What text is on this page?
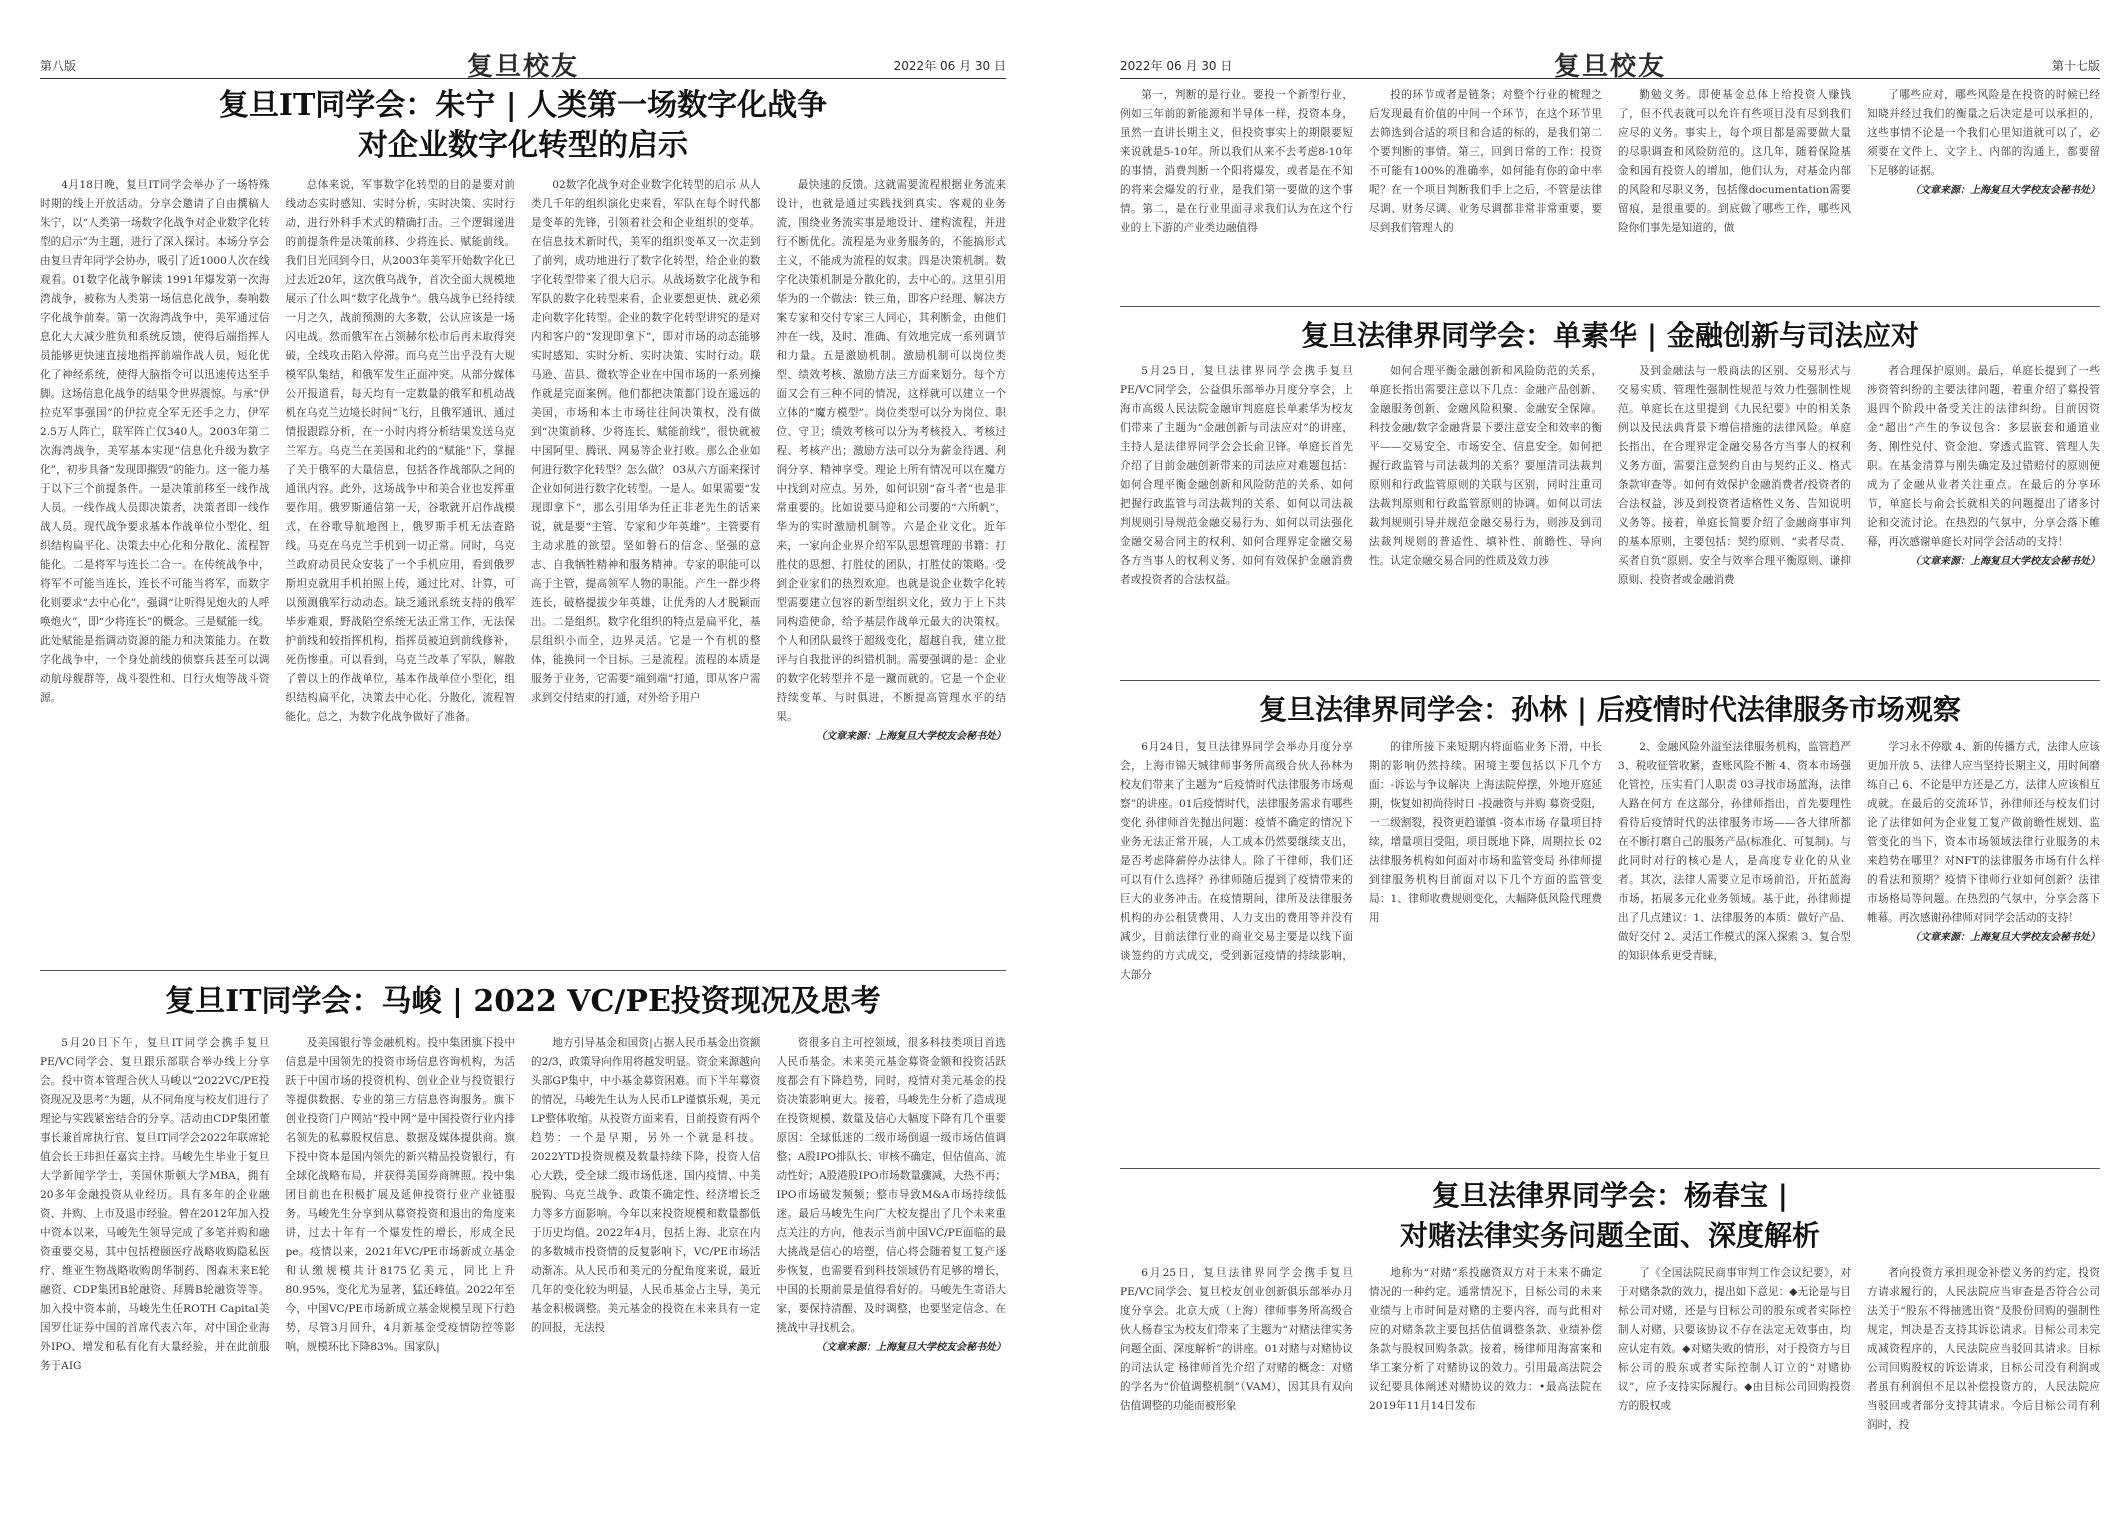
第八版	复旦校友	2022年 06 月 30 日
复旦IT同学会：朱宁 | 人类第一场数字化战争
对企业数字化转型的启示

4月18日晚，复旦IT同学会举办了一场特殊时期的线上开放活动。分享会邀请了自由撰稿人朱宁，以“人类第一场数字化战争对企业数字化转型的启示”为主题，进行了深入探讨。本场分享会由复旦青年同学会协办，吸引了近1000人次在线观看。01数字化战争解读 1991年爆发第一次海湾战争，被称为人类第一场信息化战争，奏响数字化战争前奏。第一次海湾战争中，美军通过信息化大大减少胜负和系统反馈，使得后端指挥人员能够更快速直接地指挥前端作战人员，短化优化了神经系统，使得大脑指令可以迅速传达至手脚。这场信息化战争的结果令世界震惊。与承“伊拉克军事强国”的伊拉克全军无还手之力，伊军2.5万人阵亡，联军阵亡仅340人。2003年第二次海湾战争，美军基本实现“信息化升级为数字化”，初步具备“发现即摧毁”的能力。这一能力基于以下三个前提条件。一是决策前移至一线作战人员。一线作战人员即决策者，决策者即一线作战人员。现代战争要求基本作战单位小型化、组织结构扁平化、决策去中心化和分散化、流程智能化。二是将军与连长二合一。在传统战争中，将军不可能当连长，连长不可能当将军，而数字化则要求“去中心化”，强调“让听得见炮火的人呼唤炮火”，即“少将连长”的概念。三是赋能一线。此处赋能是指调动资源的能力和决策能力。在数字化战争中，一个身处前线的侦察兵甚至可以调动航母舰群等，战斗裂性和、日行火炮等战斗资源。

总体来说，军事数字化转型的目的是要对前线动态实时感知、实时分析，实时决策、实时行动，进行外科手术式的精确打击。三个逻辑递进的前提条件是决策前移、少将连长、赋能前线。我们目光回到今日，从2003年美军开始数字化已过去近20年，这次俄乌战争，首次全面大规模地展示了什么叫“数字化战争”。俄乌战争已经持续一月之久，战前预测的大多数，公认应该是一场闪电战。然而俄军在占领赫尔松市后再未取得突破，全线攻击陷入停滞。而乌克兰出乎没有大规模军队集结，和俄军发生正面冲突。从部分媒体公开报道看，每天均有一定数量的俄军和机动战机在乌克兰边境长时间“飞行，且俄军通讯、通过情报跟踪分析，在一小时内将分析结果发送乌克兰军方。乌克兰在美国和北约的“赋能”下，掌握了关于俄军的大量信息，包括各作战部队之间的通讯内容。此外，这场战争中和美合业也发挥重要作用。俄罗斯通信第一天，谷歌就开启作战模式，在谷歌导航地图上，俄罗斯手机无法查路线。马克在乌克兰手机到一切正常。同时，乌克兰政府动员民众安装了一个手机应用，看到俄罗斯坦克就用手机拍照上传，通过比对、计算，可以预测俄军行动动态。缺乏通讯系统支持的俄军毕步难艰，野战陷空系统无法正常工作，无法保护前线和较指挥机构，指挥员被迫到前线修补，死伤惨重。可以看到，乌克兰改革了军队，解散了曾以上的作战单位，基本作战单位小型化，组织结构扁平化，决策去中心化、分散化，流程智能化。总之，为数字化战争做好了准备。

02数字化战争对企业数字化转型的启示 从人类几千年的组织演化史来看，军队在每个时代都是变革的先锋，引领着社会和企业组织的变革。在信息技术新时代，美军的组织变革又一次走到了前列，成功地进行了数字化转型，给企业的数字化转型带来了很大启示。从战场数字化战争和军队的数字化转型来看，企业要想更快、就必须走向数字化转型。企业的数字化转型讲究的是对内和客户的“发现即拿下”，即对市场的动态能够实时感知、实时分析、实时决策、实时行动。联马逊、苗县、微软等企业在中国市场的一系列操作就是完面案例。他们都把决策都门设在遥远的美国，市场和本土市场往往间决策权，没有做到“决策前移、少将连长、赋能前线”，很快就被中国阿里、腾讯、网易等企业打败。那么企业如何进行数字化转型？怎么做？ 03从六方面来探讨企业如何进行数字化转型。一是人。如果需要“发现即拿下”，那么引用华为任正非老先生的话来说，就是要“主管、专家和少年英雄”。主管要有主动求胜的欲望。坚如磐石的信念、坚强的意志、自我牺牲精神和服务精神。专家的职能可以高于主管，提高领军人物的职能。产生一群少将连长，破格提拔少年英雄，让优秀的人才脱颖而出。二是组织。数字化组织的特点是扁平化，基层组织小而全，边界灵活。它是一个有机的整体，能换同一个目标。三是流程。流程的本质是服务于业务，它需要“端到端”打通，即从客户需求到交付结束的打通，对外给予用户

最快速的反馈。这就需要流程根据业务流来设计，也就是通过实践找到真实、客观的业务流，围绕业务流实事是地设计、建构流程，并进行不断优化。流程是为业务服务的，不能搞形式主义，不能成为流程的奴隶。四是决策机制。数字化决策机制是分散化的，去中心的。这里引用华为的一个做法：铁三角，即客户经理、解决方案专家和交付专家三人同心，其利断金，由他们冲在一线，及时、准确、有效地完成一系列调节和力量。五是激励机制。激励机制可以岗位类型、绩效考核、激励方法三方面来划分。每个方面又会有三种不同的情况，这样就可以建立一个立体的“魔方模型”。岗位类型可以分为岗位、职位、守卫；绩效考核可以分为考核投入、考核过程、考核产出；激励方法可以分为薪金待遇、利润分享、精神享受。理论上所有情况可以在魔方中找到对应点。另外，如何识别“奋斗者”也是非常重要的。比如说要马迎和公司要的“六所帆”，华为的实时激励机制等。六是企业文化。近年来，一家向企业界介绍军队思想管理的书籍：打胜仗的思想、打胜仗的团队，打胜仗的策略。受到企业家们的热烈欢迎。也就是说企业数字化转型需要建立包容的新型组织文化，致力于上下共同构造使命，给予基层作战单元最大的决策权。个人和团队最终于超级变化，超越自我，建立批评与自我批评的纠错机制。需要强调的是：企业的数字化转型并不是一蹴而就的。它是一个企业持续变革、与时俱进，不断提高管理水平的结果。

（文章来源：上海复旦大学校友会秘书处）

复旦IT同学会：马峻 | 2022 VC/PE投资现况及思考

5月20日下午，复旦IT同学会携手复旦PE/VC同学会、复旦跟乐部联合举办线上分享会。投中资本管理合伙人马峻以“2022VC/PE投资现况及思考”为题，从不同角度与校友们进行了理论与实践紧密结合的分享。活动由CDP集团董事长兼首席执行官、复旦IT同学会2022年联席轮值会长王玮担任嘉宾主持。马峻先生毕业于复旦大学新闻学学士，美国休斯顿大学MBA，拥有20多年金融投资从业经历。具有多年的企业融资、并购、上市及退市经验。曾在2012年加入投中资本以来，马峻先生领导完成了多笔并购和融资重要交易，其中包括橙颐医疗战略收购隐私医疗、维亚生物战略收购朗华制药、图森未来E轮融资、CDP集团B轮融资、拜腾B轮融资等等。加入投中资本前，马峻先生任ROTH Capital美国罗仕证券中国的首席代表六年，对中国企业海外IPO、增发和私有化有大量经验，并在此前服务于AIG

及美国银行等金融机构。投中集团旗下投中信息是中国领先的投资市场信息咨询机构，为活跃于中国市场的投资机构、创业企业与投资银行等提供数据、专业的第三方信息咨询服务。旗下创业投资门户网站“投中网”是中国投资行业内排名领先的私募股权信息、数据及媒体提供商。旗下投中资本是国内领先的新兴精品投资银行，有全球化战略布局，并获得美国券商牌照。投中集团目前也在积极扩展及延伸投资行业产业链服务。马峻先生分享到从募资投资和退出的角度来讲，过去十年有一个爆发性的增长，形成全民pe。疫情以来，2021年VC/PE市场新成立基金和认缴规模共计8175亿美元，同比上升80.95%，变化尤为显著，猛还峰值。2022年至今，中国VC/PE市场新成立基金规模呈现下行趋势，尽管3月回升，4月新基金受疫情防控等影响，规模环比下降83%。国家队|

地方引导基金和国资|占据人民币基金出资额的2/3，政策导向作用将越发明显。资金来源越向头部GP集中，中小基金募资困难。而下半年募资的情况，马峻先生认为人民币LP谨慎乐观，美元LP整体收缩。从投资方面来看，目前投资有两个趋势：一个是早期，另外一个就是科技。2022YTD投资规模及数量持续下降，投资人信心大跌，受全球二级市场低迷、国内疫情、中美脱钩、乌克兰战争、政策不确定性、经济增长乏力等多方面影响。今年以来投资规模和数量都低于历史均值。2022年4月，包括上海、北京在内的多数城市投资情的反复影响下，VC/PE市场活动渐冻。从人民币和美元的分配角度来说，最近几年的变化较为明显，人民币基金占主导，美元基金积极调整。美元基金的投资在未来具有一定的回报，无法投

资很多自主可控领域，很多科技类项目首选人民币基金。未来美元基金募资金额和投资活跃度都会有下降趋势，同时，疫情对美元基金的投资决策影响更大。接着，马峻先生分析了造成现在投资规模、数量及信心大幅度下降有几个重要原因：全球低迷的二级市场倒逼一级市场估值调整；A股IPO排队长、审核不确定，但估值高、流动性好；A股港股IPO市场数量骤减，大热不再；IPO市场破发频频；整市导致M&A市场持续低迷。最后马峻先生向广大校友提出了几个未来重点关注的方向，他表示当前中国VC/PE面临的最大挑战是信心的培塑，信心将会随着复工复产逐步恢复，也需要看到科技领域仍有足够的增长，中国的长期前景是值得看好的。马峻先生寄语大家，要保持清醒、及时调整，也要坚定信念、在挑战中寻找机会。

（文章来源：上海复旦大学校友会秘书处）

2022年 06 月 30 日	复旦校友	第十七版

第一，判断的是行业。要投一个新型行业，例如三年前的新能源和半导体一样，投资本身，虽然一直讲长期主义，但投资事实上的期限要短来说就是5-10年。所以我们从来不去考虑8-10年的事情，消费判断一个阳将爆发，或者是在不知的将来会爆发的行业，是我们第一要做的这个事情。第二，是在行业里面寻求我们认为在这个行业的上下游的产业类边融值得

投的环节或者是链条；对整个行业的梳理之后发现最有价值的中间一个环节，在这个环节里去筛选到合适的项目和合适的标的，是我们第二个要判断的事情。第三，回到日常的工作：投资不可能有100%的准确率，如何能有你的命中率呢？在一个项目判断我们手上之后，不管是法律尽调、财务尽调、业务尽调都非常非常重要，要尽到我们管理人的

勤勉义务。即使基金总体上给投资人赚钱了，但不代表就可以允许有些项目没有尽到我们应尽的义务。事实上，每个项目都是需要做大量的尽职调查和风险防范的。这几年，随着保险基金和国有投资人的增加，他们认为，对基金内部的风险和尽职义务，包括像documentation需要留痕，是很重要的。到底做了哪些工作，哪些风险你们事先是知道的，做

了哪些应对，哪些风险是在投资的时候已经知晓并经过我们的衡量之后决定是可以承担的，这些事情不论是一个我们心里知道就可以了，必须要在文件上、文字上、内部的沟通上，都要留下足够的证据。

（文章来源：上海复旦大学校友会秘书处）

复旦法律界同学会：单素华 | 金融创新与司法应对

5月25日，复旦法律界同学会携手复旦PE/VC同学会，公益俱乐部举办月度分享会，上海市高级人民法院金融审判庭庭长单素华为校友们带来了主题为“金融创新与司法应对”的讲座，主持人是法律界同学会会长俞卫锋。单庭长首先介绍了目前金融创新带来的司法应对难题包括：如何合理平衡金融创新和风险防范的关系、如何把握行政监管与司法裁判的关系、如何以司法裁判规则引导规范金融交易行为、如何以司法强化金融交易合同主的权利、如何合理界定金融交易各方当事人的权利义务、如何有效保护金融消费者或投资者的合法权益。

如何合理平衡金融创新和风险防范的关系，单庭长指出需要注意以下几点：金融产品创新、金融服务创新、金融风险积聚、金融安全保障。科技金融/数字金融背景下要注意安全和效率的衡平——交易安全、市场安全、信息安全。如何把握行政监管与司法裁判的关系？要厘清司法裁判原则和行政监管原则的关联与区别，同时注重司法裁判原则和行政监管原则的协调。如何以司法裁判规则引导并规范金融交易行为，则涉及到司法裁判规则的普适性、填补性、前瞻性、导向性。认定金融交易合同的性质及效力涉

及到金融法与一般商法的区别、交易形式与交易实质、管理性强制性规范与效力性强制性规范。单庭长在这里提到《九民纪要》中的相关条例以及民法典背景下增信措施的法律风险。单庭长指出，在合理界定金融交易各方当事人的权利义务方面，需要注意契约自由与契约正义、格式条款审查等。如何有效保护金融消费者/投资者的合法权益，涉及到投资者适格性义务、告知说明义务等。接着，单庭长简要介绍了金融商事审判的基本原则，主要包括：契约原则、“卖者尽责、买者自负”原则、安全与效率合理平衡原则、谦抑原则、投资者或金融消费

者合理保护原则。最后，单庭长提到了一些涉资管纠纷的主要法律问题，着重介绍了募投管退四个阶段中备受关注的法律纠纷。目前因资金“超出”产生的争议包含：多层嵌套和通道业务、刚性兑付、资金池、穿透式监管、管理人失职。在基金清算与刚失确定及过错赔付的原则便成为了金融从业者关注重点。在最后的分享环节，单庭长与俞会长就相关的问题提出了诸多讨论和交流讨论。在热烈的气氛中，分享会落下帷幕，再次感谢单庭长对同学会活动的支持！

（文章来源：上海复旦大学校友会秘书处）

复旦法律界同学会：孙林 | 后疫情时代法律服务市场观察

6月24日，复旦法律界同学会举办月度分享会，上海市锦天城律师事务所高级合伙人孙林为校友们带来了主题为“后疫情时代法律服务市场观察”的讲座。01后疫情时代，法律服务需求有哪些变化 孙律师首先抛出问题：疫情不确定的情况下业务无法正常开展，人工成本仍然要继续支出，是否考虑降薪停办法律人。除了干律师，我们还可以有什么选择？孙律师随后提到了疫情带来的巨大的业务冲击。在疫情期间，律所及法律服务机构的办公租赁费用、人力支出的费用等并没有减少，目前法律行业的商业交易主要是以线下面谈签约的方式成交，受到新冠疫情的持续影响，大部分

的律所接下来短期内将面临业务下滑，中长期的影响仍然持续。困境主要包括以下几个方面：-诉讼与争议解决 上海法院停摆，外地开庭延期，恢复如初尚待时日 -投融资与并购 募资受阻，一二级割裂，投资更趋谨慎 -资本市场 存量项目持续，增量项目受阻，项目既地下降，周期拉长 02法律服务机构如何面对市场和监管变局 孙律师提到律服务机构目前面对以下几个方面的监管变局：1、律师收费规则变化，大幅降低风险代理费用

2、金融风险外溢至法律服务机构，监管趋严 3、税收征管收紧，查账风险不断 4、资本市场强化管控，压实看门人职责 03寻找市场蓝海，法律人路在何方 在这部分，孙律师指出，首先要理性看待后疫情时代的法律服务市场——各大律所都在不断打磨自己的服务产品(标准化、可复制)。与此同时对行的核心是人，是高度专业化的从业者。其次，法律人需要立足市场前沿，开拓蓝海市场，拓展多元化业务领域。基于此，孙律师提出了几点建议：1、法律服务的本质：做好产品、做好交付 2、灵活工作模式的深入探索 3、复合型的知识体系更受青睐，

学习永不停歇 4、新的传播方式，法律人应该更加开放 5、法律人应当坚持长期主义，用时间磨练自己 6、不论是甲方还是乙方，法律人应该相互成就。在最后的交流环节，孙律师还与校友们讨论了法律如何为企业复工复产做前瞻性规划、监管变化的当下，资本市场领域法律行业服务的未来趋势在哪里？对NFT的法律服务市场有什么样的看法和预期？疫情下律师行业如何创新？法律市场格局等问题。在热烈的气氛中，分享会落下帷幕。再次感谢孙律师对同学会活动的支持！

（文章来源：上海复旦大学校友会秘书处）

复旦法律界同学会：杨春宝 |
对赌法律实务问题全面、深度解析

6月25日，复旦法律界同学会携手复旦PE/VC同学会、复旦校友创业创新俱乐部举办月度分享会。北京大成（上海）律师事务所高级合伙人杨春宝为校友们带来了主题为“对赌法律实务问题全面、深度解析”的讲座。01对赌与对赌协议的司法认定 杨律师首先介绍了对赌的概念：对赌的学名为“价值调整机制”（VAM），因其具有双向估值调整的功能而被形象

地称为“对赌”系投融资双方对于未来不确定情况的一种约定。通常情况下，目标公司的未来业绩与上市时间是对赌的主要内容，而与此相对应的对赌条款主要包括估值调整条款、业绩补偿条款与股权回购条款。接着，杨律师用海富案和华工案分析了对赌协议的效力。引用最高法院会议纪要具体阐述对赌协议的效力：•最高法院在2019年11月14日发布

了《全国法院民商事审判工作会议纪要》，对于对赌条款的效力，提出如下意见：◆无论是与目标公司对赌，还是与目标公司的股东或者实际控制人对赌，只要该协议不存在法定无效事由，均应认定有效。◆对赌失败的情形，对于投资方与目标公司的股东或者实际控制人订立的“对赌协议”，应予支持实际履行。◆由目标公司回购投资方的股权或

者向投资方承担现金补偿义务的约定，投资方请求履行的，人民法院应当审查是否符合公司法关于“股东不得抽逃出资”及股份回购的强制性规定，判决是否支持其诉讼请求。目标公司未完成减资程序的，人民法院应当驳回其请求。目标公司回购股权的诉讼请求，目标公司没有利润或者虽有利润但不足以补偿投资方的，人民法院应当驳回或者部分支持其请求。今后目标公司有利润时，投
